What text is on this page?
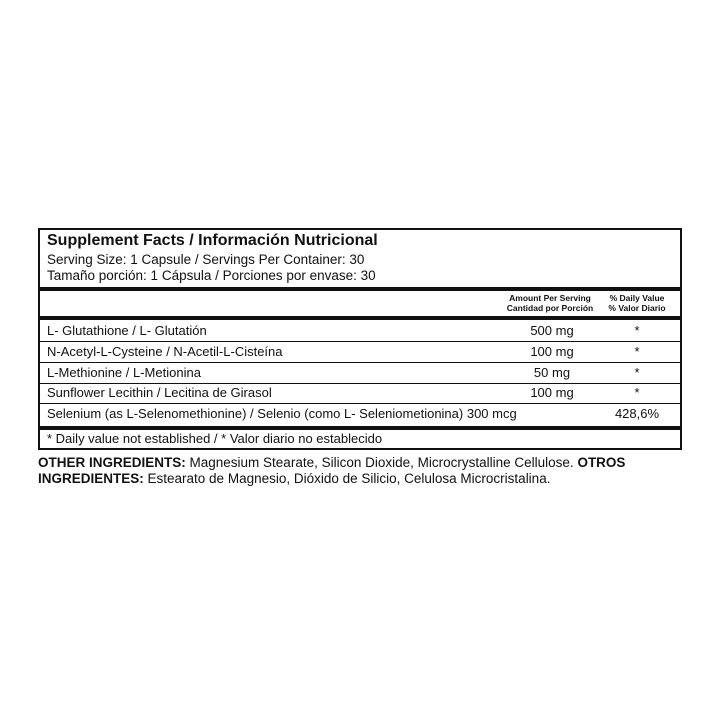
Supplement Facts / Información Nutricional
Serving Size: 1 Capsule / Servings Per Container: 30
Tamaño porción: 1 Cápsula / Porciones por envase: 30
Amount Per Serving
Cantidad por Porción
% Daily Value
% Valor Diario
L- Glutathione / L- Glutatión	500 mg	*
N-Acetyl-L-Cysteine / N-Acetil-L-Cisteína	100 mg	*
L-Methionine / L-Metionina	50 mg	*
Sunflower Lecithin / Lecitina de Girasol	100 mg	*
Selenium (as L-Selenomethionine) / Selenio (como L- Seleniometionina) 300 mcg	428,6%
* Daily value not established / * Valor diario no establecido
OTHER INGREDIENTS: Magnesium Stearate, Silicon Dioxide, Microcrystalline Cellulose. OTROS INGREDIENTES: Estearato de Magnesio, Dióxido de Silicio, Celulosa Microcristalina.
